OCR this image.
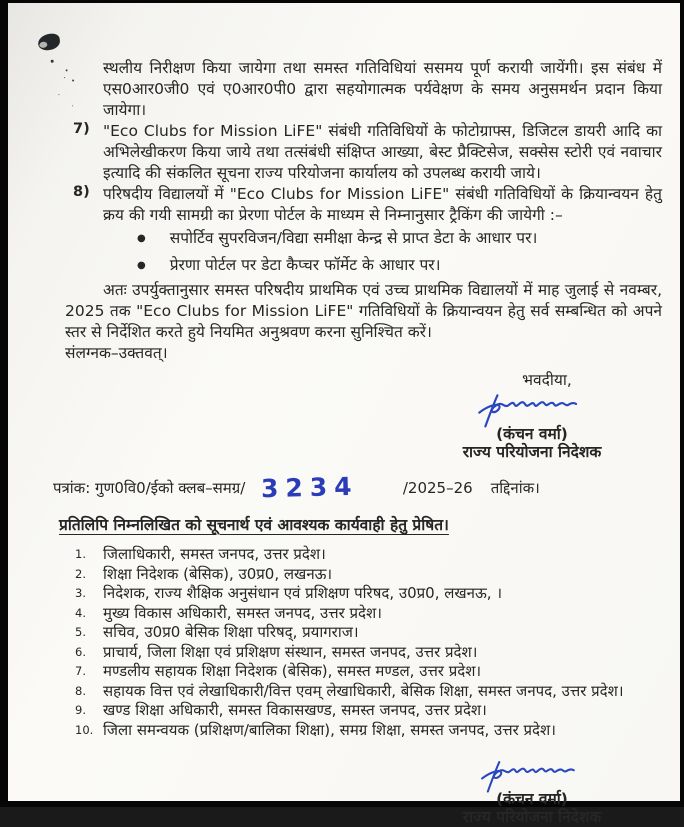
स्थलीय निरीक्षण किया जायेगा तथा समस्त गतिविधियां ससमय पूर्ण करायी जायेंगी। इस संबंध में एस0आर0जी0 एवं ए0आर0पी0 द्वारा सहयोगात्मक पर्यवेक्षण के समय अनुसमर्थन प्रदान किया जायेगा।

7) "Eco Clubs for Mission LiFE" संबंधी गतिविधियों के फोटोग्राफ्स, डिजिटल डायरी आदि का अभिलेखीकरण किया जाये तथा तत्संबंधी संक्षिप्त आख्या, बेस्ट प्रैक्टिसेज, सक्सेस स्टोरी एवं नवाचार इत्यादि की संकलित सूचना राज्य परियोजना कार्यालय को उपलब्ध करायी जाये।

8) परिषदीय विद्यालयों में "Eco Clubs for Mission LiFE" संबंधी गतिविधियों के क्रियान्वयन हेतु क्रय की गयी सामग्री का प्रेरणा पोर्टल के माध्यम से निम्नानुसार ट्रैकिंग की जायेगी :–

● सपोर्टिव सुपरविजन/विद्या समीक्षा केन्द्र से प्राप्त डेटा के आधार पर।
● प्रेरणा पोर्टल पर डेटा कैप्चर फॉर्मेट के आधार पर।

अतः उपर्युक्तानुसार समस्त परिषदीय प्राथमिक एवं उच्च प्राथमिक विद्यालयों में माह जुलाई से नवम्बर, 2025 तक "Eco Clubs for Mission LiFE" गतिविधियों के क्रियान्वयन हेतु सर्व सम्बन्धित को अपने स्तर से निर्देशित करते हुये नियमित अनुश्रवण करना सुनिश्चित करें।

संलग्नक–उक्तवत्।

भवदीया,
(कंचन वर्मा)
राज्य परियोजना निदेशक
पत्रांक: गुण0वि0/ईको क्लब–समग्र/ 3234	/2025–26 तद्दिनांक।
प्रतिलिपि निम्नलिखित को सूचनार्थ एवं आवश्यक कार्यवाही हेतु प्रेषित।
1.	जिलाधिकारी, समस्त जनपद, उत्तर प्रदेश।
2.	शिक्षा निदेशक (बेसिक), उ0प्र0, लखनऊ।
3.	निदेशक, राज्य शैक्षिक अनुसंधान एवं प्रशिक्षण परिषद, उ0प्र0, लखनऊ, ।
4.	मुख्य विकास अधिकारी, समस्त जनपद, उत्तर प्रदेश।
5.	सचिव, उ0प्र0 बेसिक शिक्षा परिषद्, प्रयागराज।
6.	प्राचार्य, जिला शिक्षा एवं प्रशिक्षण संस्थान, समस्त जनपद, उत्तर प्रदेश।
7.	मण्डलीय सहायक शिक्षा निदेशक (बेसिक), समस्त मण्डल, उत्तर प्रदेश।
8.	सहायक वित्त एवं लेखाधिकारी/वित्त एवम् लेखाधिकारी, बेसिक शिक्षा, समस्त जनपद, उत्तर प्रदेश।
9.	खण्ड शिक्षा अधिकारी, समस्त विकासखण्ड, समस्त जनपद, उत्तर प्रदेश।
10. जिला समन्वयक (प्रशिक्षण/बालिका शिक्षा), समग्र शिक्षा, समस्त जनपद, उत्तर प्रदेश।
(कंचन वर्मा)
राज्य परियोजना निदेशक
